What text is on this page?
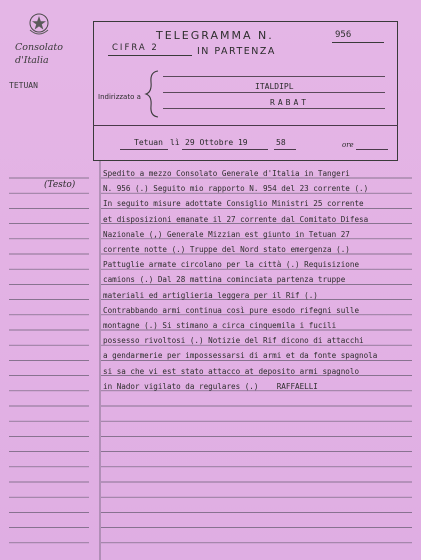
Consolato
d'Italia
TETUAN
TELEGRAMMA N.	956
CIFRA 2	IN PARTENZA
Indirizzato a
ITALDIPL
RABAT
Tetuan lì 29 Ottobre 19	58	ore
(Testo)
Spedito a mezzo Consolato Generale d'Italia in Tangeri
N. 956 (.) Seguito mio rapporto N. 954 del 23 corrente (.)
In seguito misure adottate Consiglio Ministri 25 corrente
et disposizioni emanate il 27 corrente dal Comitato Difesa
Nazionale (,) Generale Mizzian est giunto in Tetuan 27
corrente notte (.) Truppe del Nord stato emergenza (.)
Pattuglie armate circolano per la città (.) Requisizione
camions (.) Dal 28 mattina cominciata partenza truppe
materiali ed artiglieria leggera per il Rif (.)
Contrabbando armi continua così pure esodo rifegni sulle
montagne (.) Si stimano a circa cinquemila i fucili
possesso rivoltosi (.) Notizie del Rif dicono di attacchi
a gendarmerie per impossessarsi di armi et da fonte spagnola
si sa che vi est stato attacco at deposito armi spagnolo
in Nador vigilato da regulares (.)    RAFFAELLI
